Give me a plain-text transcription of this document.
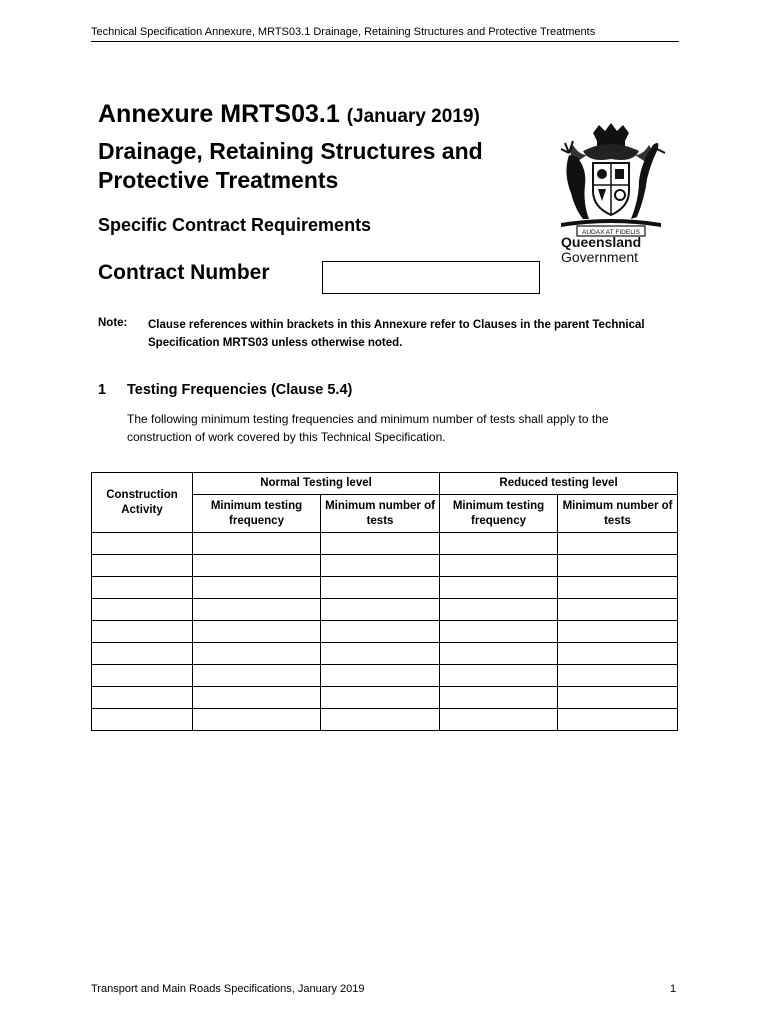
Technical Specification Annexure, MRTS03.1 Drainage, Retaining Structures and Protective Treatments
Annexure MRTS03.1 (January 2019)
Drainage, Retaining Structures and Protective Treatments
Specific Contract Requirements
Contract Number
AUDAX AT FIDELIS
Queensland
Government
Note: Clause references within brackets in this Annexure refer to Clauses in the parent Technical Specification MRTS03 unless otherwise noted.
1 Testing Frequencies (Clause 5.4)
The following minimum testing frequencies and minimum number of tests shall apply to the construction of work covered by this Technical Specification.
Construction Activity	Normal Testing level		Reduced testing level	
	Minimum testing frequency	Minimum number of tests	Minimum testing frequency	Minimum number of tests

Transport and Main Roads Specifications, January 2019	1
